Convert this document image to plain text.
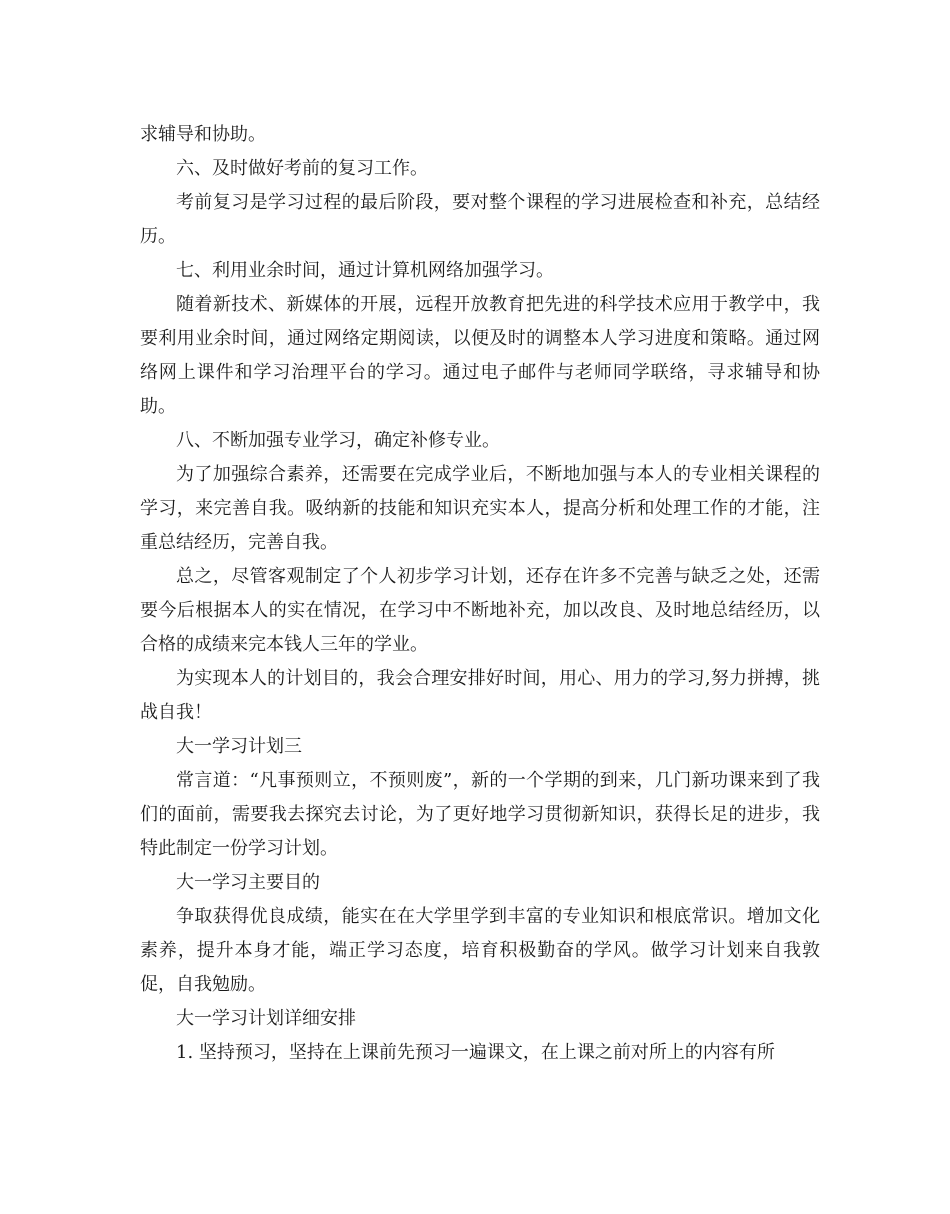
求辅导和协助。

六、及时做好考前的复习工作。

考前复习是学习过程的最后阶段，要对整个课程的学习进展检查和补充，总结经历。

七、利用业余时间，通过计算机网络加强学习。

随着新技术、新媒体的开展，远程开放教育把先进的科学技术应用于教学中，我要利用业余时间，通过网络定期阅读，以便及时的调整本人学习进度和策略。通过网络网上课件和学习治理平台的学习。通过电子邮件与老师同学联络，寻求辅导和协助。

八、不断加强专业学习，确定补修专业。

为了加强综合素养，还需要在完成学业后，不断地加强与本人的专业相关课程的学习，来完善自我。吸纳新的技能和知识充实本人，提高分析和处理工作的才能，注重总结经历，完善自我。

总之，尽管客观制定了个人初步学习计划，还存在许多不完善与缺乏之处，还需要今后根据本人的实在情况，在学习中不断地补充，加以改良、及时地总结经历，以合格的成绩来完本钱人三年的学业。

为实现本人的计划目的，我会合理安排好时间，用心、用力的学习,努力拼搏，挑战自我！

大一学习计划三

常言道：“凡事预则立，不预则废”，新的一个学期的到来，几门新功课来到了我们的面前，需要我去探究去讨论，为了更好地学习贯彻新知识，获得长足的进步，我特此制定一份学习计划。

大一学习主要目的

争取获得优良成绩，能实在在大学里学到丰富的专业知识和根底常识。增加文化素养，提升本身才能，端正学习态度，培育积极勤奋的学风。做学习计划来自我敦促，自我勉励。

大一学习计划详细安排

1. 坚持预习，坚持在上课前先预习一遍课文，在上课之前对所上的内容有所
